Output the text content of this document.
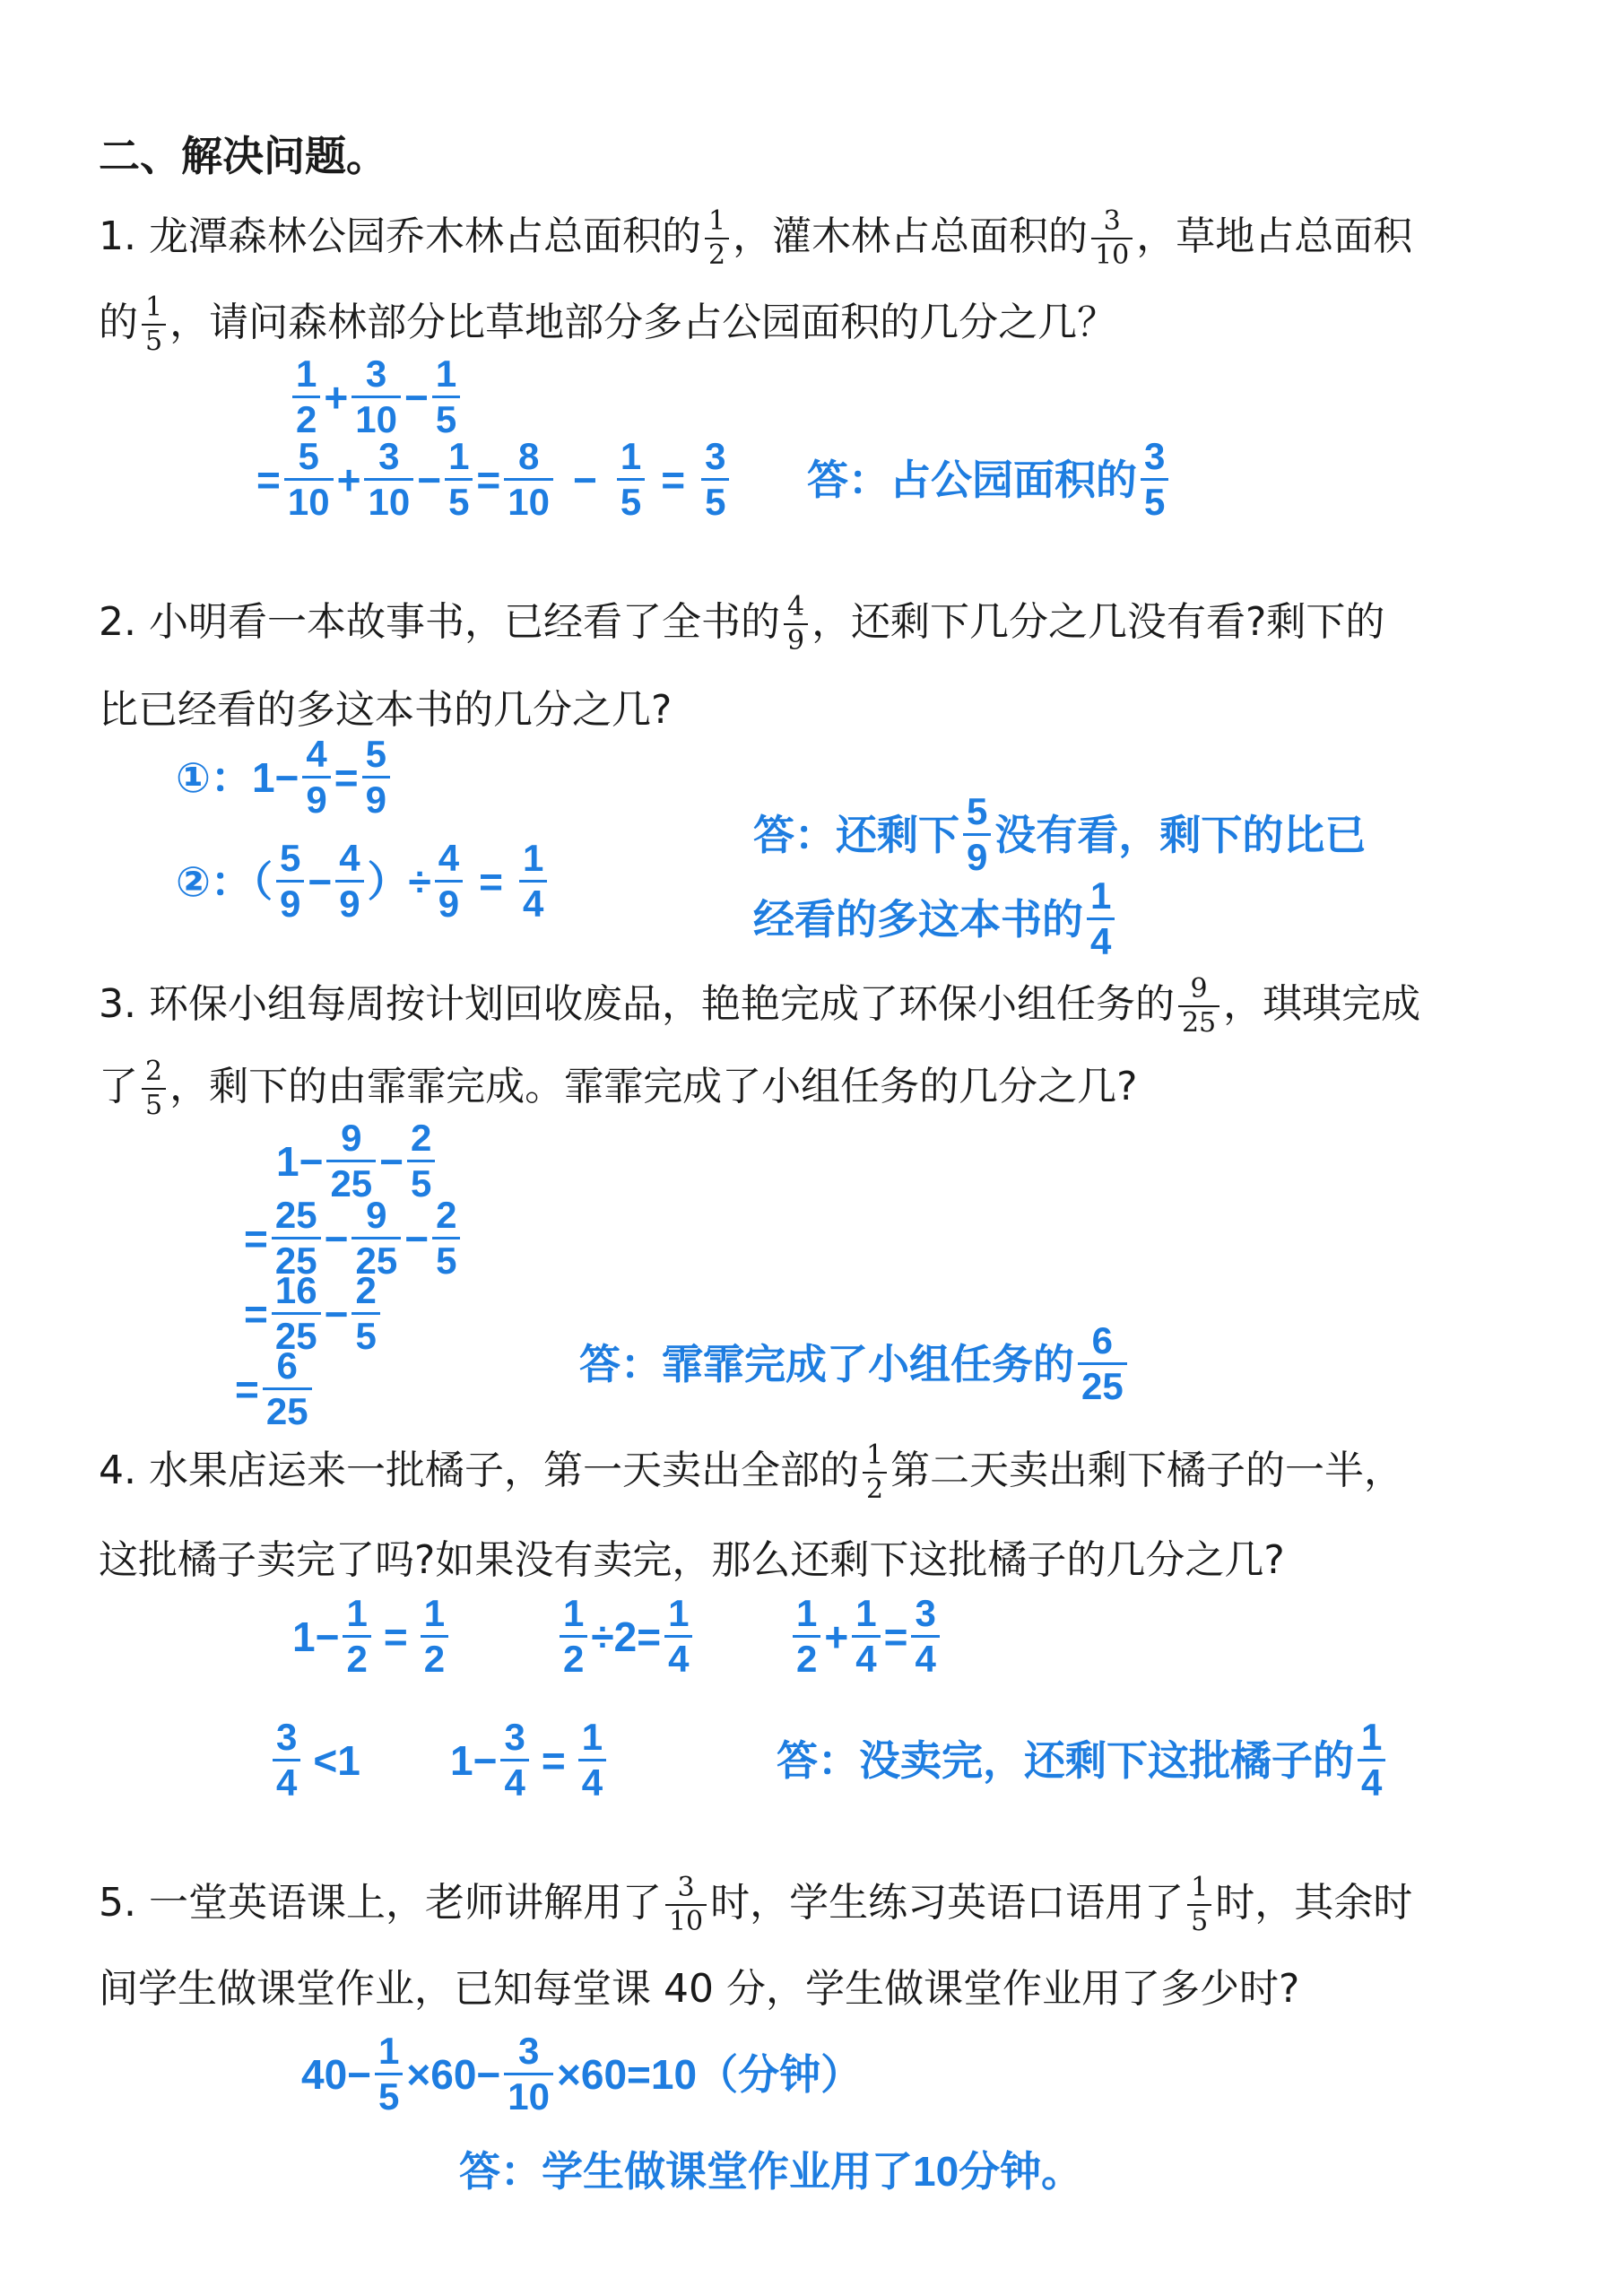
二、解决问题。
1. 龙潭森林公园乔木林占总面积的 $\frac{1}{2}$ ，灌木林占总面积的 $\frac{3}{10}$ ，草地占总面积
的 $\frac{1}{5}$ ，请问森林部分比草地部分多占公园面积的几分之几？
$\frac{1}{2} + \frac{3}{10} - \frac{1}{5}$
= $\frac{5}{10} + \frac{3}{10} - \frac{1}{5} = \frac{8}{10} - \frac{1}{5} = \frac{3}{5}$ 答：占公园面积的 $\frac{3}{5}$
2. 小明看一本故事书，已经看了全书的 $\frac{4}{9}$ ，还剩下几分之几没有看?剩下的
比已经看的多这本书的几分之几?
①：$1- \frac{4}{9} = \frac{5}{9}$
②：（ $\frac{5}{9} - \frac{4}{9}$ ）÷ $\frac{4}{9} = \frac{1}{4}$
答：还剩下 $\frac{5}{9}$ 没有看，剩下的比已
经看的多这本书的 $\frac{1}{4}$
3. 环保小组每周按计划回收废品，艳艳完成了环保小组任务的 $\frac{9}{25}$ ，琪琪完成
了 $\frac{2}{5}$ ，剩下的由霏霏完成。霏霏完成了小组任务的几分之几?
$1- \frac{9}{25} - \frac{2}{5}$
= $\frac{25}{25} - \frac{9}{25} - \frac{2}{5}$
= $\frac{16}{25} - \frac{2}{5}$
= $\frac{6}{25}$	答：霏霏完成了小组任务的 $\frac{6}{25}$
4. 水果店运来一批橘子，第一天卖出全部的 $\frac{1}{2}$ 第二天卖出剩下橘子的一半，
这批橘子卖完了吗?如果没有卖完，那么还剩下这批橘子的几分之几?
$1- \frac{1}{2} = \frac{1}{2}$	$\frac{1}{2} \div 2= \frac{1}{4}$	$\frac{1}{2} + \frac{1}{4} = \frac{3}{4}$
$\frac{3}{4} <1$ $1- \frac{3}{4} = \frac{1}{4}$	答：没卖完，还剩下这批橘子的 $\frac{1}{4}$
5. 一堂英语课上，老师讲解用了 $\frac{3}{10}$ 时，学生练习英语口语用了 $\frac{1}{5}$ 时，其余时
间学生做课堂作业，已知每堂课 40 分，学生做课堂作业用了多少时?
$40- \frac{1}{5} \times 60- \frac{3}{10} \times 60=10$（分钟）
答：学生做课堂作业用了10分钟。
